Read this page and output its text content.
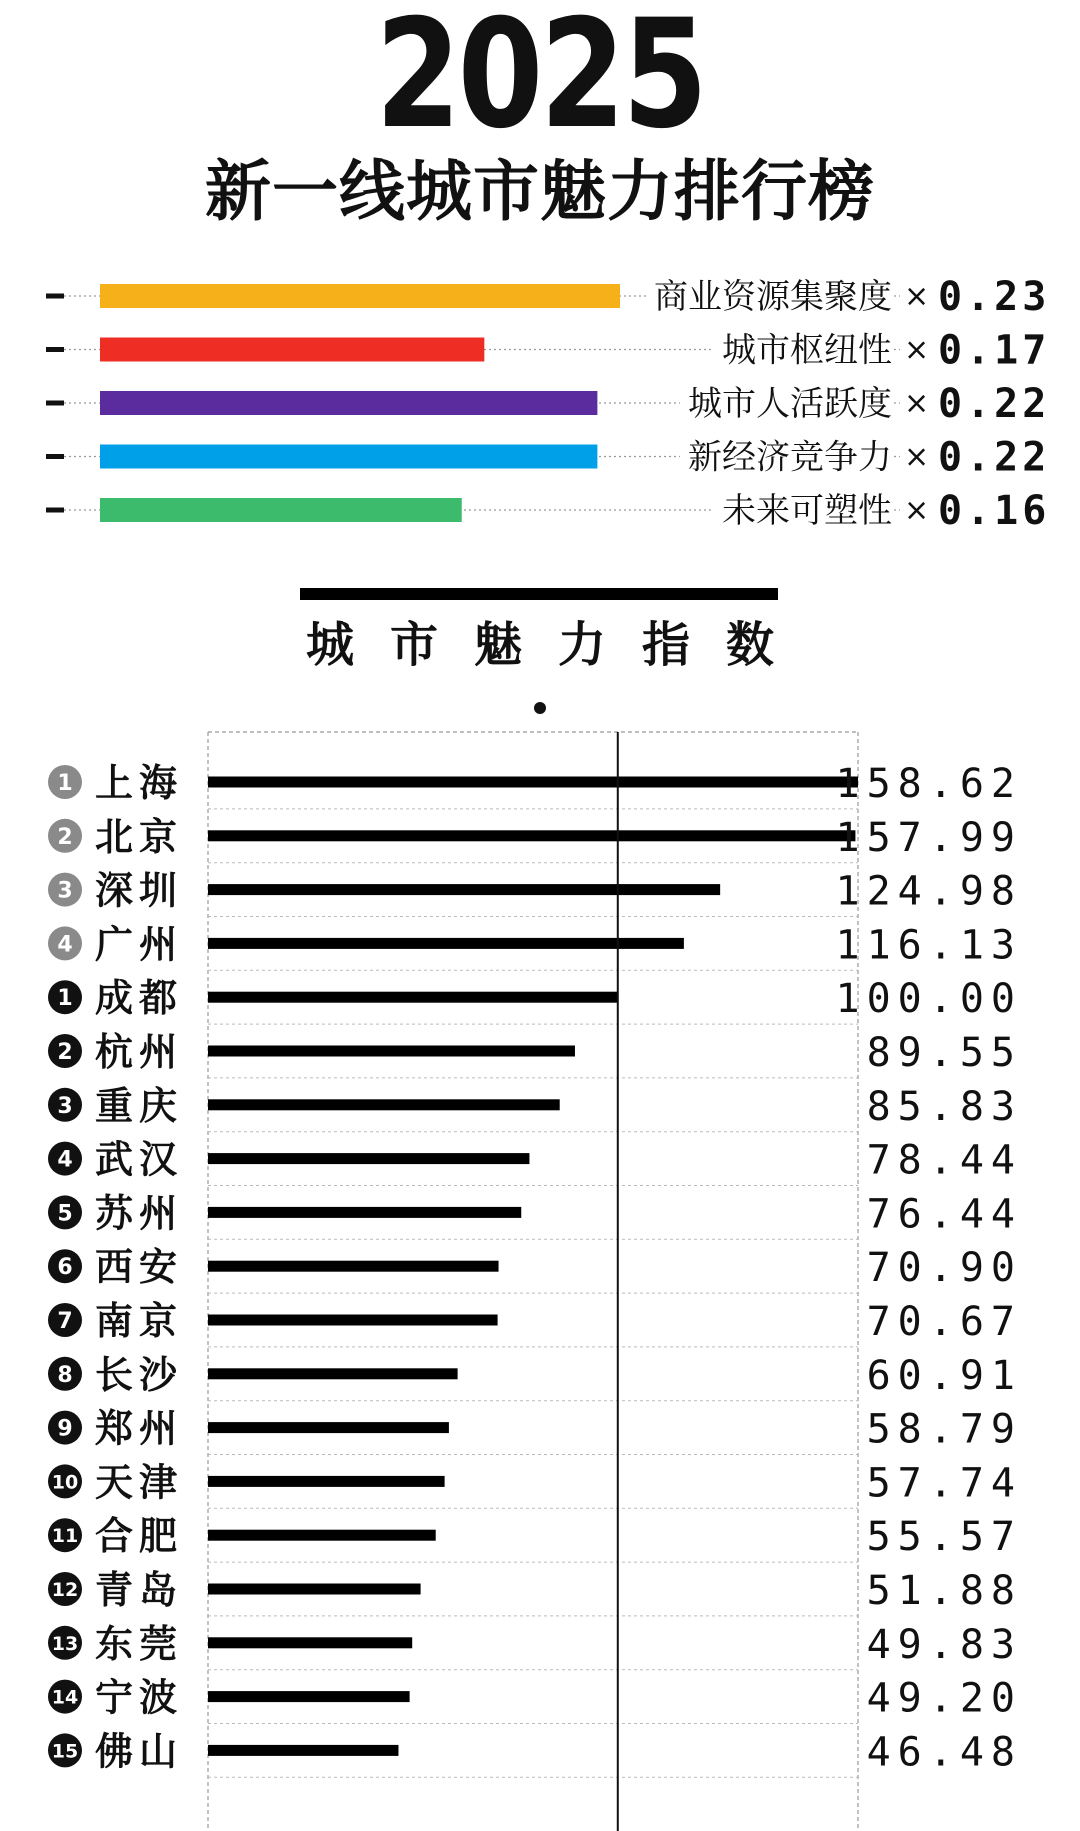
2025
新一线城市魅力排行榜
商业资源集聚度 × 0.23
城市枢纽性 × 0.17
城市人活跃度 × 0.22
新经济竞争力 × 0.22
未来可塑性 × 0.16
城市魅力指数
1 上海	158.62
2 北京	157.99
3 深圳	124.98
4 广州	116.13
1 成都	100.00
2 杭州	89.55
3 重庆	85.83
4 武汉	78.44
5 苏州	76.44
6 西安	70.90
7 南京	70.67
8 长沙	60.91
9 郑州	58.79
10 天津	57.74
11 合肥	55.57
12 青岛	51.88
13 东莞	49.83
14 宁波	49.20
15 佛山	46.48
